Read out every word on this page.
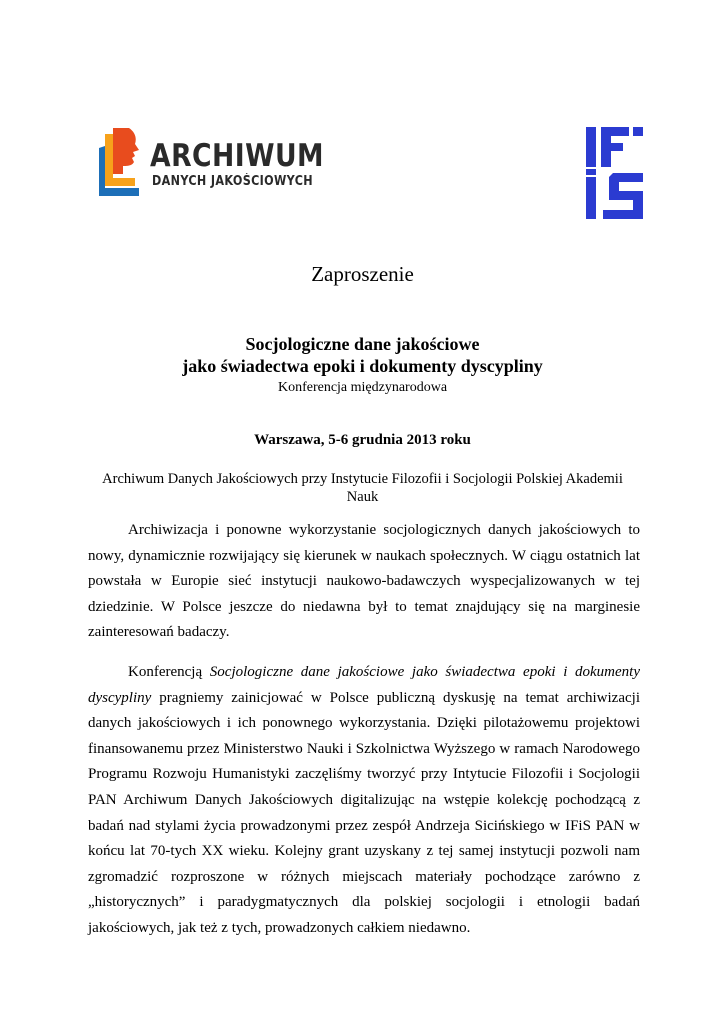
ARCHIWUM
DANYCH JAKOŚCIOWYCH
Zaproszenie
Socjologiczne dane jakościowe
jako świadectwa epoki i dokumenty dyscypliny
Konferencja międzynarodowa
Warszawa, 5-6 grudnia 2013 roku
Archiwum Danych Jakościowych przy Instytucie Filozofii i Socjologii Polskiej Akademii Nauk

Archiwizacja i ponowne wykorzystanie socjologicznych danych jakościowych to nowy, dynamicznie rozwijający się kierunek w naukach społecznych. W ciągu ostatnich lat powstała w Europie sieć instytucji naukowo-badawczych wyspecjalizowanych w tej dziedzinie. W Polsce jeszcze do niedawna był to temat znajdujący się na marginesie zainteresowań badaczy.

Konferencją Socjologiczne dane jakościowe jako świadectwa epoki i dokumenty dyscypliny pragniemy zainicjować w Polsce publiczną dyskusję na temat archiwizacji danych jakościowych i ich ponownego wykorzystania. Dzięki pilotażowemu projektowi finansowanemu przez Ministerstwo Nauki i Szkolnictwa Wyższego w ramach Narodowego Programu Rozwoju Humanistyki zaczęliśmy tworzyć przy Intytucie Filozofii i Socjologii PAN Archiwum Danych Jakościowych digitalizując na wstępie kolekcję pochodzącą z badań nad stylami życia prowadzonymi przez zespół Andrzeja Sicińskiego w IFiS PAN w końcu lat 70-tych XX wieku. Kolejny grant uzyskany z tej samej instytucji pozwoli nam zgromadzić rozproszone w różnych miejscach materiały pochodzące zarówno z „historycznych” i paradygmatycznych dla polskiej socjologii i etnologii badań jakościowych, jak też z tych, prowadzonych całkiem niedawno.
